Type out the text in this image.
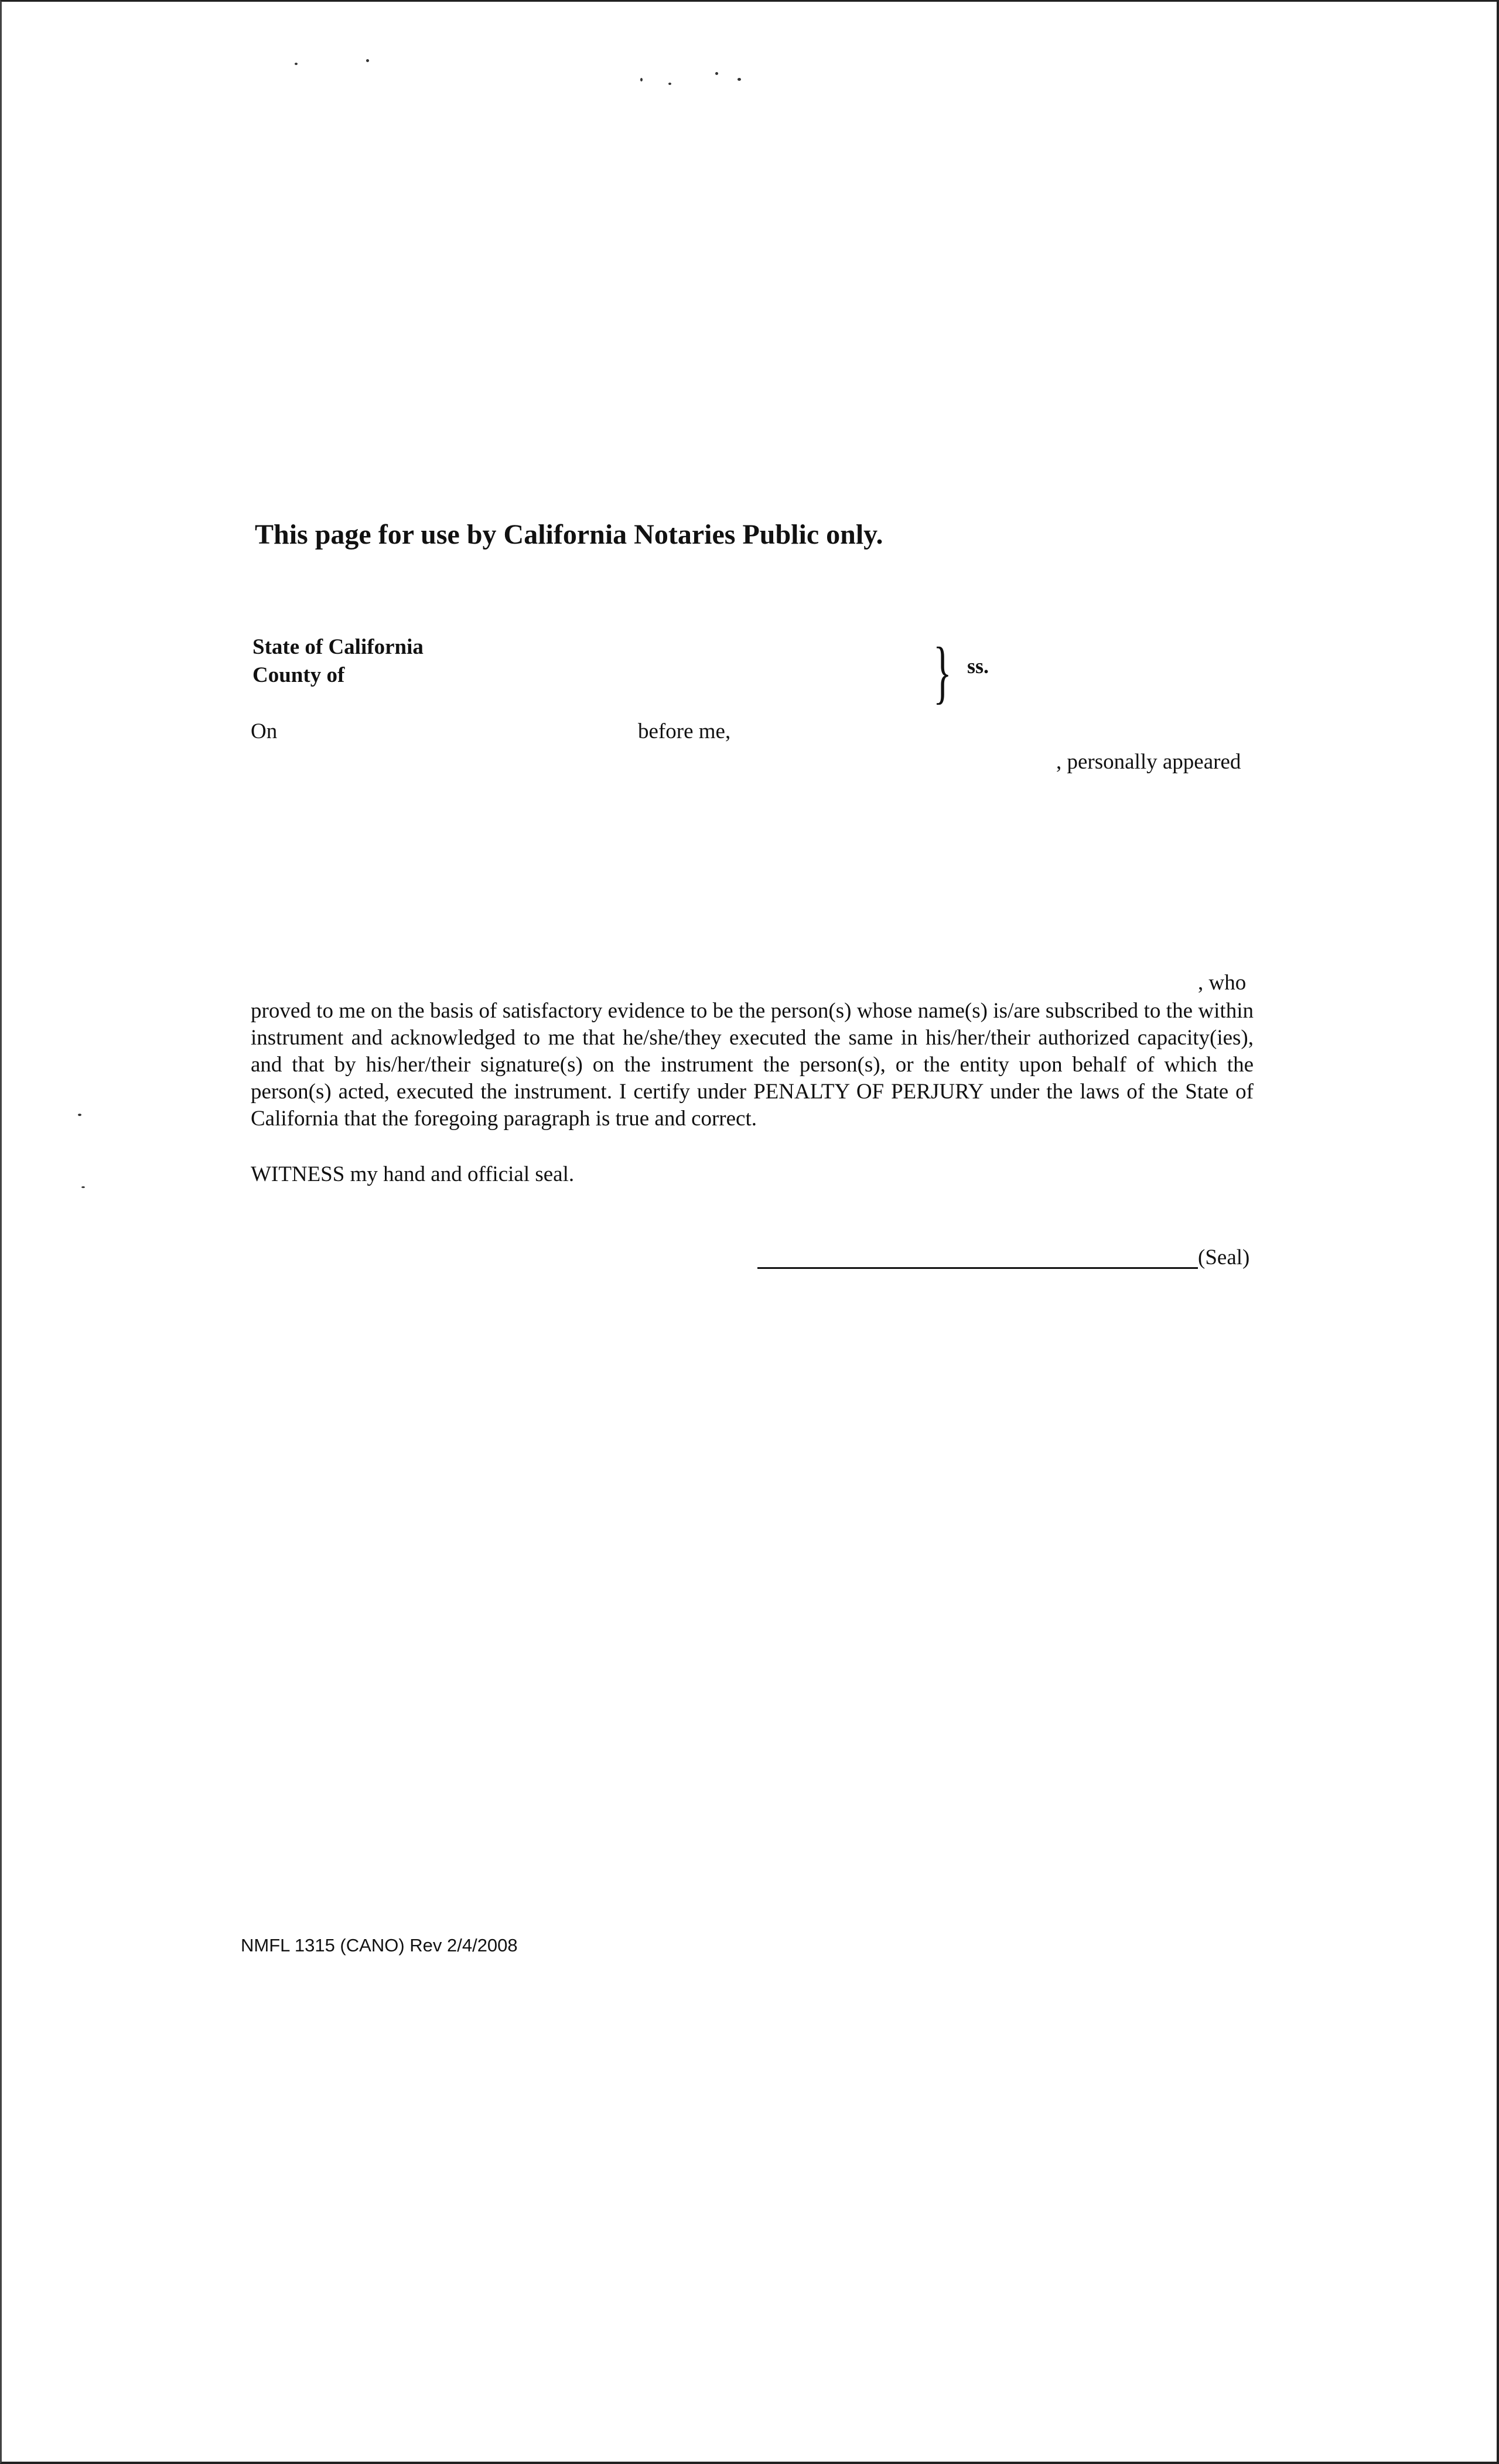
This page for use by California Notaries Public only.
State of California
County of	} ss.
On	before me,
, personally appeared
, who
proved to me on the basis of satisfactory evidence to be the person(s) whose name(s) is/are subscribed to the within instrument and acknowledged to me that he/she/they executed the same in his/her/their authorized capacity(ies), and that by his/her/their signature(s) on the instrument the person(s), or the entity upon behalf of which the person(s) acted, executed the instrument. I certify under PENALTY OF PERJURY under the laws of the State of California that the foregoing paragraph is true and correct.
WITNESS my hand and official seal.
(Seal)
NMFL 1315 (CANO) Rev 2/4/2008
